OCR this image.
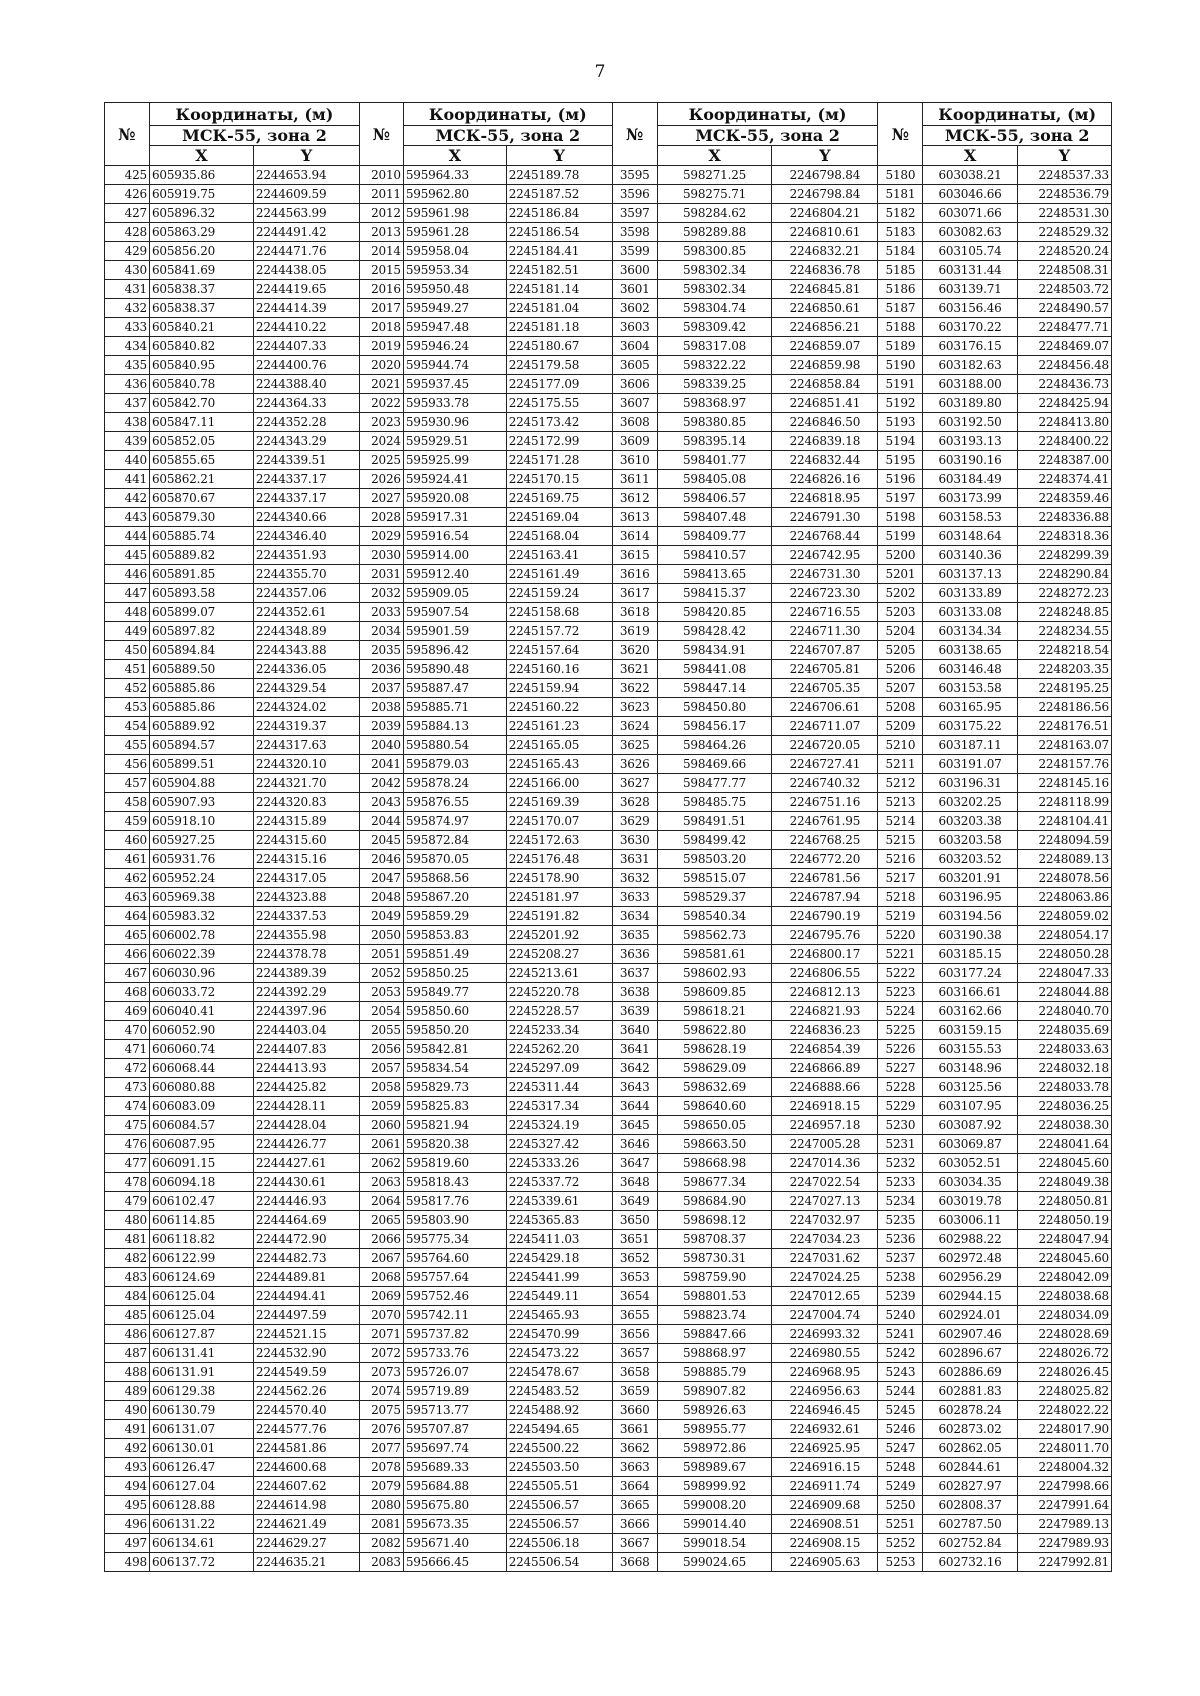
7
№	Координаты, (м)		№	Координаты, (м)		№	Координаты, (м)		№	Координаты, (м)	
	МСК-55, зона 2			МСК-55, зона 2			МСК-55, зона 2			МСК-55, зона 2	
	X	Y		X	Y		X	Y		X	Y
425	605935.86	2244653.94	2010	595964.33	2245189.78	3595	598271.25	2246798.84	5180	603038.21	2248537.33
426	605919.75	2244609.59	2011	595962.80	2245187.52	3596	598275.71	2246798.84	5181	603046.66	2248536.79
427	605896.32	2244563.99	2012	595961.98	2245186.84	3597	598284.62	2246804.21	5182	603071.66	2248531.30
428	605863.29	2244491.42	2013	595961.28	2245186.54	3598	598289.88	2246810.61	5183	603082.63	2248529.32
429	605856.20	2244471.76	2014	595958.04	2245184.41	3599	598300.85	2246832.21	5184	603105.74	2248520.24
430	605841.69	2244438.05	2015	595953.34	2245182.51	3600	598302.34	2246836.78	5185	603131.44	2248508.31
431	605838.37	2244419.65	2016	595950.48	2245181.14	3601	598302.34	2246845.81	5186	603139.71	2248503.72
432	605838.37	2244414.39	2017	595949.27	2245181.04	3602	598304.74	2246850.61	5187	603156.46	2248490.57
433	605840.21	2244410.22	2018	595947.48	2245181.18	3603	598309.42	2246856.21	5188	603170.22	2248477.71
434	605840.82	2244407.33	2019	595946.24	2245180.67	3604	598317.08	2246859.07	5189	603176.15	2248469.07
435	605840.95	2244400.76	2020	595944.74	2245179.58	3605	598322.22	2246859.98	5190	603182.63	2248456.48
436	605840.78	2244388.40	2021	595937.45	2245177.09	3606	598339.25	2246858.84	5191	603188.00	2248436.73
437	605842.70	2244364.33	2022	595933.78	2245175.55	3607	598368.97	2246851.41	5192	603189.80	2248425.94
438	605847.11	2244352.28	2023	595930.96	2245173.42	3608	598380.85	2246846.50	5193	603192.50	2248413.80
439	605852.05	2244343.29	2024	595929.51	2245172.99	3609	598395.14	2246839.18	5194	603193.13	2248400.22
440	605855.65	2244339.51	2025	595925.99	2245171.28	3610	598401.77	2246832.44	5195	603190.16	2248387.00
441	605862.21	2244337.17	2026	595924.41	2245170.15	3611	598405.08	2246826.16	5196	603184.49	2248374.41
442	605870.67	2244337.17	2027	595920.08	2245169.75	3612	598406.57	2246818.95	5197	603173.99	2248359.46
443	605879.30	2244340.66	2028	595917.31	2245169.04	3613	598407.48	2246791.30	5198	603158.53	2248336.88
444	605885.74	2244346.40	2029	595916.54	2245168.04	3614	598409.77	2246768.44	5199	603148.64	2248318.36
445	605889.82	2244351.93	2030	595914.00	2245163.41	3615	598410.57	2246742.95	5200	603140.36	2248299.39
446	605891.85	2244355.70	2031	595912.40	2245161.49	3616	598413.65	2246731.30	5201	603137.13	2248290.84
447	605893.58	2244357.06	2032	595909.05	2245159.24	3617	598415.37	2246723.30	5202	603133.89	2248272.23
448	605899.07	2244352.61	2033	595907.54	2245158.68	3618	598420.85	2246716.55	5203	603133.08	2248248.85
449	605897.82	2244348.89	2034	595901.59	2245157.72	3619	598428.42	2246711.30	5204	603134.34	2248234.55
450	605894.84	2244343.88	2035	595896.42	2245157.64	3620	598434.91	2246707.87	5205	603138.65	2248218.54
451	605889.50	2244336.05	2036	595890.48	2245160.16	3621	598441.08	2246705.81	5206	603146.48	2248203.35
452	605885.86	2244329.54	2037	595887.47	2245159.94	3622	598447.14	2246705.35	5207	603153.58	2248195.25
453	605885.86	2244324.02	2038	595885.71	2245160.22	3623	598450.80	2246706.61	5208	603165.95	2248186.56
454	605889.92	2244319.37	2039	595884.13	2245161.23	3624	598456.17	2246711.07	5209	603175.22	2248176.51
455	605894.57	2244317.63	2040	595880.54	2245165.05	3625	598464.26	2246720.05	5210	603187.11	2248163.07
456	605899.51	2244320.10	2041	595879.03	2245165.43	3626	598469.66	2246727.41	5211	603191.07	2248157.76
457	605904.88	2244321.70	2042	595878.24	2245166.00	3627	598477.77	2246740.32	5212	603196.31	2248145.16
458	605907.93	2244320.83	2043	595876.55	2245169.39	3628	598485.75	2246751.16	5213	603202.25	2248118.99
459	605918.10	2244315.89	2044	595874.97	2245170.07	3629	598491.51	2246761.95	5214	603203.38	2248104.41
460	605927.25	2244315.60	2045	595872.84	2245172.63	3630	598499.42	2246768.25	5215	603203.58	2248094.59
461	605931.76	2244315.16	2046	595870.05	2245176.48	3631	598503.20	2246772.20	5216	603203.52	2248089.13
462	605952.24	2244317.05	2047	595868.56	2245178.90	3632	598515.07	2246781.56	5217	603201.91	2248078.56
463	605969.38	2244323.88	2048	595867.20	2245181.97	3633	598529.37	2246787.94	5218	603196.95	2248063.86
464	605983.32	2244337.53	2049	595859.29	2245191.82	3634	598540.34	2246790.19	5219	603194.56	2248059.02
465	606002.78	2244355.98	2050	595853.83	2245201.92	3635	598562.73	2246795.76	5220	603190.38	2248054.17
466	606022.39	2244378.78	2051	595851.49	2245208.27	3636	598581.61	2246800.17	5221	603185.15	2248050.28
467	606030.96	2244389.39	2052	595850.25	2245213.61	3637	598602.93	2246806.55	5222	603177.24	2248047.33
468	606033.72	2244392.29	2053	595849.77	2245220.78	3638	598609.85	2246812.13	5223	603166.61	2248044.88
469	606040.41	2244397.96	2054	595850.60	2245228.57	3639	598618.21	2246821.93	5224	603162.66	2248040.70
470	606052.90	2244403.04	2055	595850.20	2245233.34	3640	598622.80	2246836.23	5225	603159.15	2248035.69
471	606060.74	2244407.83	2056	595842.81	2245262.20	3641	598628.19	2246854.39	5226	603155.53	2248033.63
472	606068.44	2244413.93	2057	595834.54	2245297.09	3642	598629.09	2246866.89	5227	603148.96	2248032.18
473	606080.88	2244425.82	2058	595829.73	2245311.44	3643	598632.69	2246888.66	5228	603125.56	2248033.78
474	606083.09	2244428.11	2059	595825.83	2245317.34	3644	598640.60	2246918.15	5229	603107.95	2248036.25
475	606084.57	2244428.04	2060	595821.94	2245324.19	3645	598650.05	2246957.18	5230	603087.92	2248038.30
476	606087.95	2244426.77	2061	595820.38	2245327.42	3646	598663.50	2247005.28	5231	603069.87	2248041.64
477	606091.15	2244427.61	2062	595819.60	2245333.26	3647	598668.98	2247014.36	5232	603052.51	2248045.60
478	606094.18	2244430.61	2063	595818.43	2245337.72	3648	598677.34	2247022.54	5233	603034.35	2248049.38
479	606102.47	2244446.93	2064	595817.76	2245339.61	3649	598684.90	2247027.13	5234	603019.78	2248050.81
480	606114.85	2244464.69	2065	595803.90	2245365.83	3650	598698.12	2247032.97	5235	603006.11	2248050.19
481	606118.82	2244472.90	2066	595775.34	2245411.03	3651	598708.37	2247034.23	5236	602988.22	2248047.94
482	606122.99	2244482.73	2067	595764.60	2245429.18	3652	598730.31	2247031.62	5237	602972.48	2248045.60
483	606124.69	2244489.81	2068	595757.64	2245441.99	3653	598759.90	2247024.25	5238	602956.29	2248042.09
484	606125.04	2244494.41	2069	595752.46	2245449.11	3654	598801.53	2247012.65	5239	602944.15	2248038.68
485	606125.04	2244497.59	2070	595742.11	2245465.93	3655	598823.74	2247004.74	5240	602924.01	2248034.09
486	606127.87	2244521.15	2071	595737.82	2245470.99	3656	598847.66	2246993.32	5241	602907.46	2248028.69
487	606131.41	2244532.90	2072	595733.76	2245473.22	3657	598868.97	2246980.55	5242	602896.67	2248026.72
488	606131.91	2244549.59	2073	595726.07	2245478.67	3658	598885.79	2246968.95	5243	602886.69	2248026.45
489	606129.38	2244562.26	2074	595719.89	2245483.52	3659	598907.82	2246956.63	5244	602881.83	2248025.82
490	606130.79	2244570.40	2075	595713.77	2245488.92	3660	598926.63	2246946.45	5245	602878.24	2248022.22
491	606131.07	2244577.76	2076	595707.87	2245494.65	3661	598955.77	2246932.61	5246	602873.02	2248017.90
492	606130.01	2244581.86	2077	595697.74	2245500.22	3662	598972.86	2246925.95	5247	602862.05	2248011.70
493	606126.47	2244600.68	2078	595689.33	2245503.50	3663	598989.67	2246916.15	5248	602844.61	2248004.32
494	606127.04	2244607.62	2079	595684.88	2245505.51	3664	598999.92	2246911.74	5249	602827.97	2247998.66
495	606128.88	2244614.98	2080	595675.80	2245506.57	3665	599008.20	2246909.68	5250	602808.37	2247991.64
496	606131.22	2244621.49	2081	595673.35	2245506.57	3666	599014.40	2246908.51	5251	602787.50	2247989.13
497	606134.61	2244629.27	2082	595671.40	2245506.18	3667	599018.54	2246908.15	5252	602752.84	2247989.93
498	606137.72	2244635.21	2083	595666.45	2245506.54	3668	599024.65	2246905.63	5253	602732.16	2247992.81
